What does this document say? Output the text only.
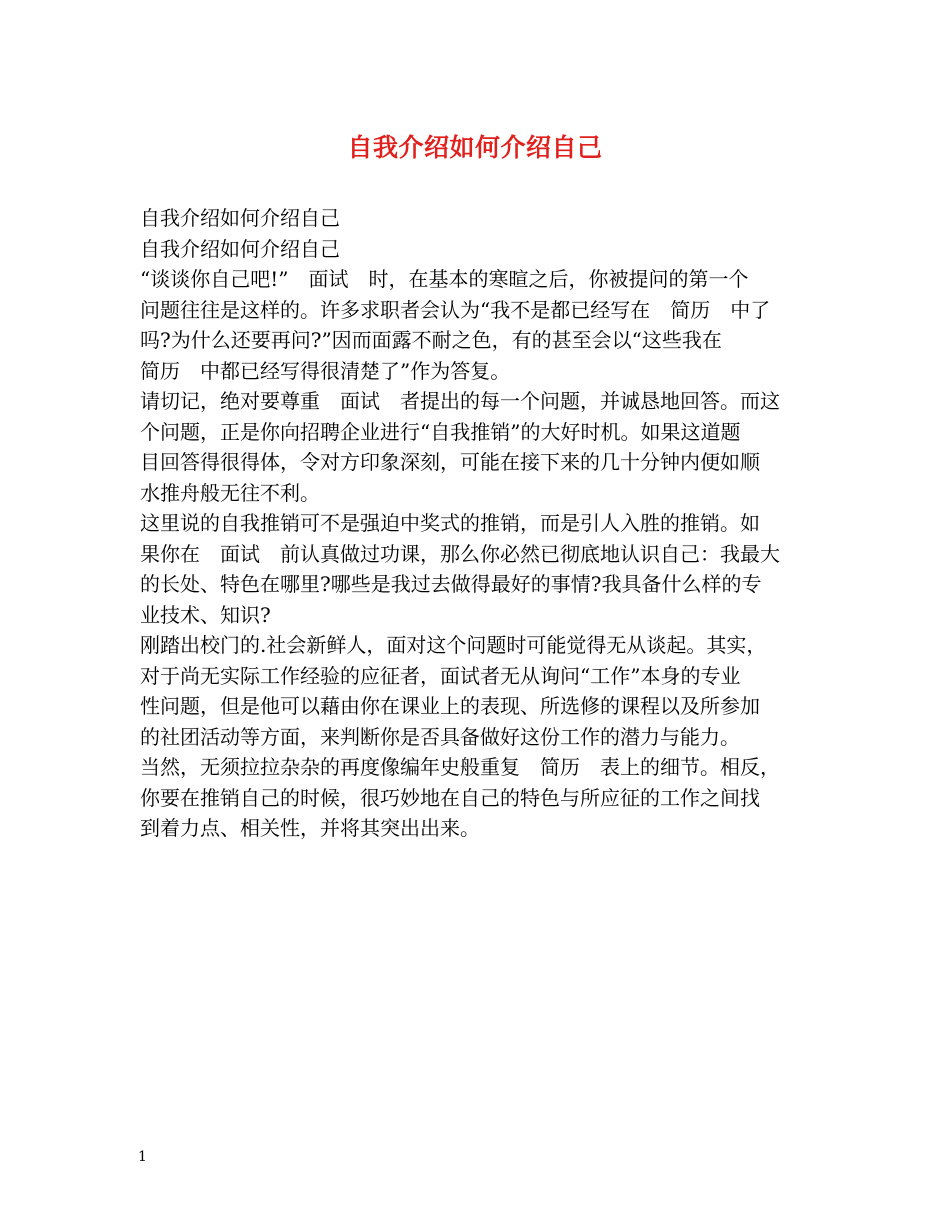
自我介绍如何介绍自己
自我介绍如何介绍自己
自我介绍如何介绍自己
“谈谈你自己吧!”　面试　时，在基本的寒暄之后，你被提问的第一个
问题往往是这样的。许多求职者会认为“我不是都已经写在　简历　中了
吗?为什么还要再问?”因而面露不耐之色，有的甚至会以“这些我在
简历　中都已经写得很清楚了”作为答复。
请切记，绝对要尊重　面试　者提出的每一个问题，并诚恳地回答。而这
个问题，正是你向招聘企业进行“自我推销”的大好时机。如果这道题
目回答得很得体，令对方印象深刻，可能在接下来的几十分钟内便如顺
水推舟般无往不利。
这里说的自我推销可不是强迫中奖式的推销，而是引人入胜的推销。如
果你在　面试　前认真做过功课，那么你必然已彻底地认识自己：我最大
的长处、特色在哪里?哪些是我过去做得最好的事情?我具备什么样的专
业技术、知识?
刚踏出校门的.社会新鲜人，面对这个问题时可能觉得无从谈起。其实，
对于尚无实际工作经验的应征者，面试者无从询问“工作”本身的专业
性问题，但是他可以藉由你在课业上的表现、所选修的课程以及所参加
的社团活动等方面，来判断你是否具备做好这份工作的潜力与能力。
当然，无须拉拉杂杂的再度像编年史般重复　简历　表上的细节。相反，
你要在推销自己的时候，很巧妙地在自己的特色与所应征的工作之间找
到着力点、相关性，并将其突出出来。
1
